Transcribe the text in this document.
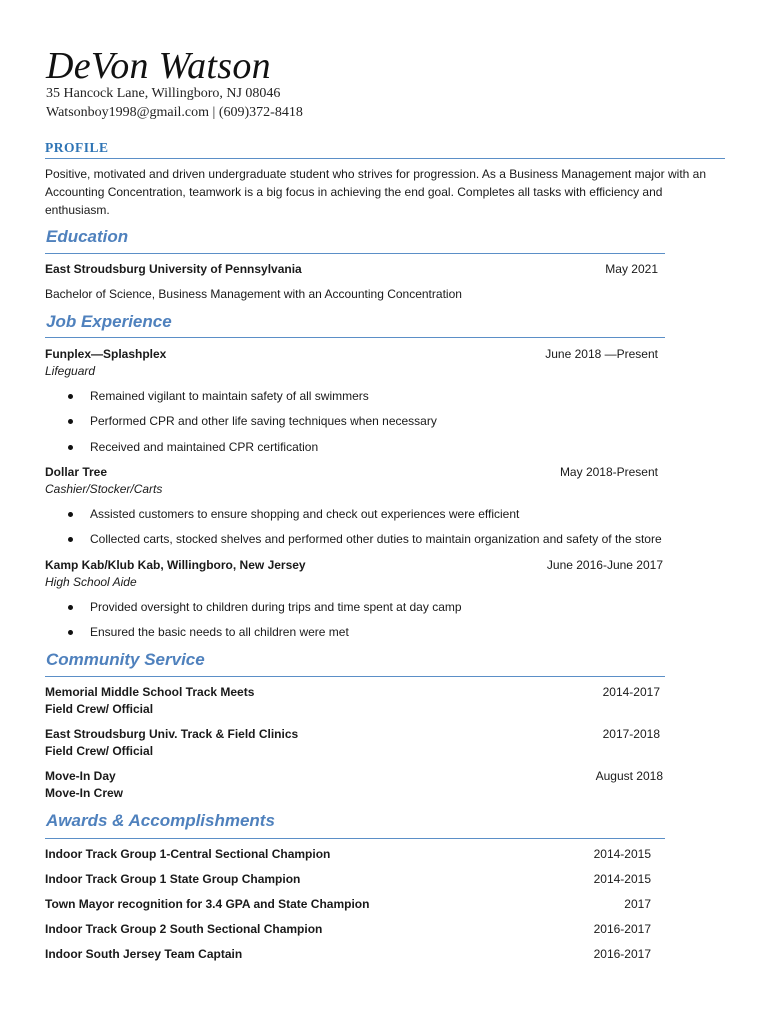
DeVon Watson
35 Hancock Lane, Willingboro, NJ 08046
Watsonboy1998@gmail.com | (609)372-8418
PROFILE
Positive, motivated and driven undergraduate student who strives for progression. As a Business Management major with an Accounting Concentration, teamwork is a big focus in achieving the end goal. Completes all tasks with efficiency and enthusiasm.
Education
East Stroudsburg University of Pennsylvania	May 2021
Bachelor of Science, Business Management with an Accounting Concentration
Job Experience
Funplex—Splashplex	June 2018 —Present
Lifeguard
Remained vigilant to maintain safety of all swimmers
Performed CPR and other life saving techniques when necessary
Received and maintained CPR certification
Dollar Tree	May 2018-Present
Cashier/Stocker/Carts
Assisted customers to ensure shopping and check out experiences were efficient
Collected carts, stocked shelves and performed other duties to maintain organization and safety of the store
Kamp Kab/Klub Kab, Willingboro, New Jersey	June 2016-June 2017
High School Aide
Provided oversight to children during trips and time spent at day camp
Ensured the basic needs to all children were met
Community Service
Memorial Middle School Track Meets	2014-2017
Field Crew/ Official
East Stroudsburg Univ. Track & Field Clinics	2017-2018
Field Crew/ Official
Move-In Day	August 2018
Move-In Crew
Awards & Accomplishments
Indoor Track Group 1-Central Sectional Champion	2014-2015
Indoor Track Group 1 State Group Champion	2014-2015
Town Mayor recognition for 3.4 GPA and State Champion	2017
Indoor Track Group 2 South Sectional Champion	2016-2017
Indoor South Jersey Team Captain	2016-2017
